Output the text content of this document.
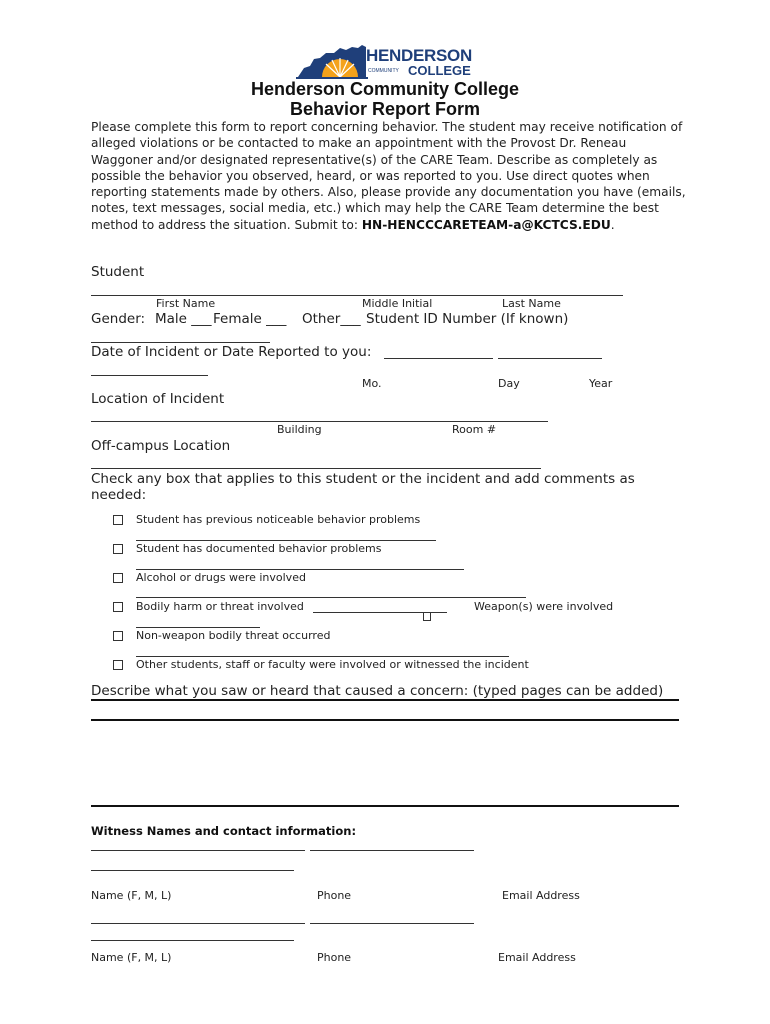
HENDERSON
COMMUNITY COLLEGE
Henderson Community College
Behavior Report Form
Please complete this form to report concerning behavior. The student may receive notification of alleged violations or be contacted to make an appointment with the Provost Dr. Reneau Waggoner and/or designated representative(s) of the CARE Team. Describe as completely as possible the behavior you observed, heard, or was reported to you. Use direct quotes when reporting statements made by others. Also, please provide any documentation you have (emails, notes, text messages, social media, etc.) which may help the CARE Team determine the best method to address the situation. Submit to: HN-HENCCCARETEAM-a@KCTCS.EDU.
Student
First Name	Middle Initial	Last Name
Gender: Male ___ Female ___ Other___ Student ID Number (If known)
Date of Incident or Date Reported to you:
Mo.	Day	Year
Location of Incident
Building	Room #
Off-campus Location
Check any box that applies to this student or the incident and add comments as needed:
Student has previous noticeable behavior problems
Student has documented behavior problems
Alcohol or drugs were involved
Bodily harm or threat involved	Weapon(s) were involved
Non-weapon bodily threat occurred
Other students, staff or faculty were involved or witnessed the incident
Describe what you saw or heard that caused a concern: (typed pages can be added)
Witness Names and contact information:
Name (F, M, L)	Phone	Email Address
Name (F, M, L)	Phone	Email Address
